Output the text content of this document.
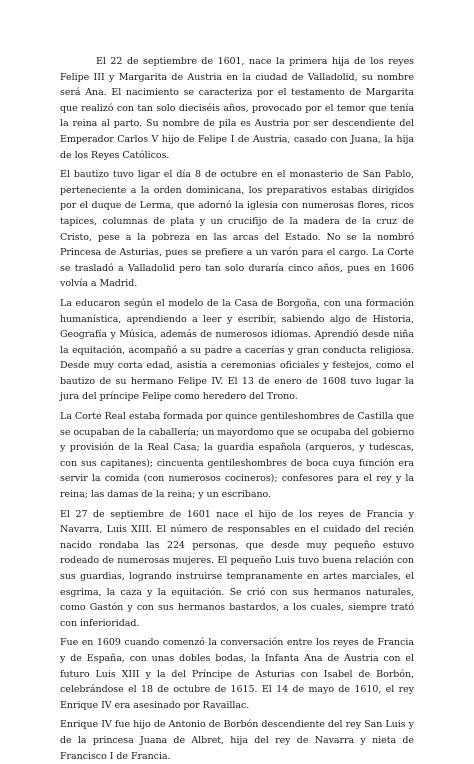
El 22 de septiembre de 1601, nace la primera hija de los reyes Felipe III y Margarita de Austria en la ciudad de Valladolid, su nombre será Ana. El nacimiento se caracteriza por el testamento de Margarita que realizó con tan solo dieciséis años, provocado por el temor que tenía la reina al parto. Su nombre de pila es Austria por ser descendiente del Emperador Carlos V hijo de Felipe I de Austria, casado con Juana, la hija de los Reyes Católicos.

El bautizo tuvo ligar el día 8 de octubre en el monasterio de San Pablo, perteneciente a la orden dominicana, los preparativos estabas dirigidos por el duque de Lerma, que adornó la iglesia con numerosas flores, ricos tapices, columnas de plata y un crucifijo de la madera de la cruz de Cristo, pese a la pobreza en las arcas del Estado. No se la nombró Princesa de Asturias, pues se prefiere a un varón para el cargo. La Corte se trasladó a Valladolid pero tan solo duraría cinco años, pues en 1606 volvía a Madrid.

La educaron según el modelo de la Casa de Borgoña, con una formación humanística, aprendiendo a leer y escribir, sabiendo algo de Historia, Geografía y Música, además de numerosos idiomas. Aprendió desde niña la equitación, acompañó a su padre a cacerías y gran conducta religiosa. Desde muy corta edad, asistía a ceremonias oficiales y festejos, como el bautizo de su hermano Felipe IV. El 13 de enero de 1608 tuvo lugar la jura del príncipe Felipe como heredero del Trono.

La Corte Real estaba formada por quince gentileshombres de Castilla que se ocupaban de la caballería; un mayordomo que se ocupaba del gobierno y provisión de la Real Casa; la guardia española (arqueros, y tudescas, con sus capitanes); cincuenta gentileshombres de boca cuya función era servir la comida (con numerosos cocineros); confesores para el rey y la reina; las damas de la reina; y un escribano.

El 27 de septiembre de 1601 nace el hijo de los reyes de Francia y Navarra, Luis XIII. El número de responsables en el cuidado del recién nacido rondaba las 224 personas, que desde muy pequeño estuvo rodeado de numerosas mujeres. El pequeño Luis tuvo buena relación con sus guardias, logrando instruirse tempranamente en artes marciales, el esgrima, la caza y la equitación. Se crió con sus hermanos naturales, como Gastón y con sus hermanos bastardos, a los cuales, siempre trató con inferioridad.

Fue en 1609 cuando comenzó la conversación entre los reyes de Francia y de España, con unas dobles bodas, la Infanta Ana de Austria con el futuro Luis XIII y la del Príncipe de Asturias con Isabel de Borbón, celebrándose el 18 de octubre de 1615. El 14 de mayo de 1610, el rey Enrique IV era asesinado por Ravaillac.

Enrique IV fue hijo de Antonio de Borbón descendiente del rey San Luis y de la princesa Juana de Albret, hija del rey de Navarra y nieta de Francisco I de Francia.
